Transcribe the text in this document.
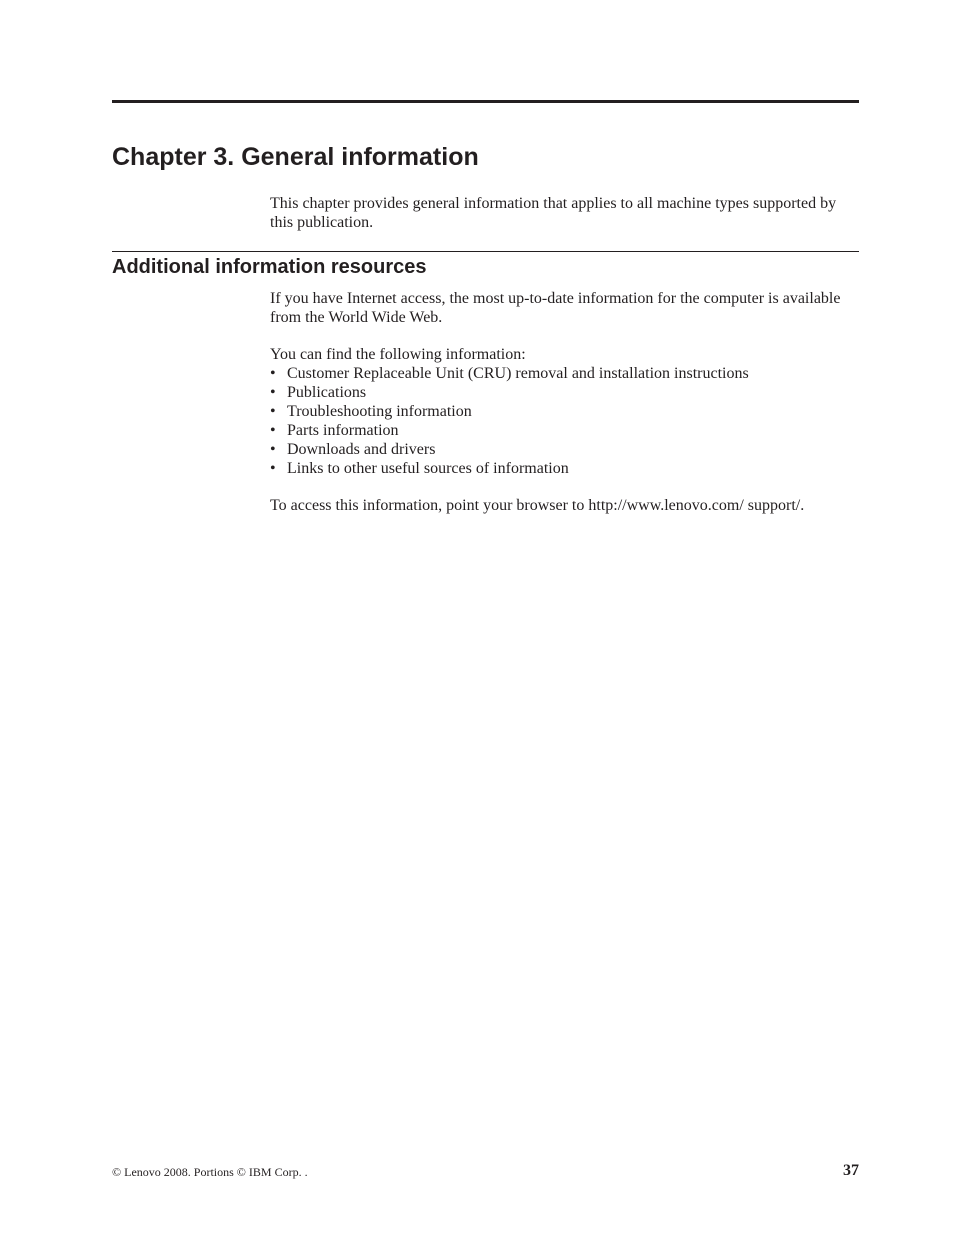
Chapter 3. General information

This chapter provides general information that applies to all machine types supported by this publication.

Additional information resources

If you have Internet access, the most up-to-date information for the computer is available from the World Wide Web.

You can find the following information:

• Customer Replaceable Unit (CRU) removal and installation instructions
• Publications
• Troubleshooting information
• Parts information
• Downloads and drivers
• Links to other useful sources of information

To access this information, point your browser to http://www.lenovo.com/ support/.

© Lenovo 2008. Portions © IBM Corp. .	37
